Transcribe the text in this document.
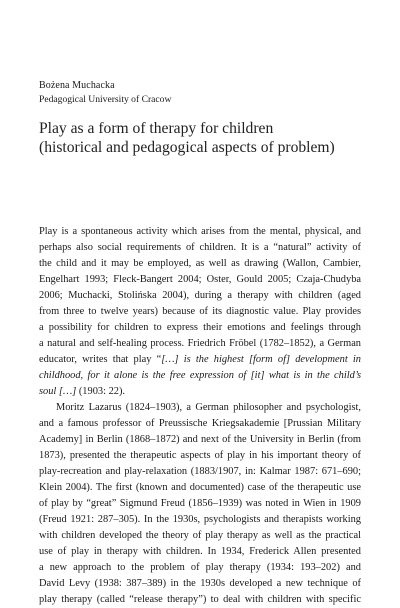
Bożena Muchacka
Pedagogical University of Cracow
Play as a form of therapy for children
(historical and pedagogical aspects of problem)
Play is a spontaneous activity which arises from the mental, physical, and
perhaps also social requirements of children. It is a “natural” activity of
the child and it may be employed, as well as drawing (Wallon, Cambier,
Engelhart 1993; Fleck-Bangert 2004; Oster, Gould 2005; Czaja-Chudyba
2006; Muchacki, Stolińska 2004), during a therapy with children (aged
from three to twelve years) because of its diagnostic value. Play provides
a possibility for children to express their emotions and feelings through
a natural and self-healing process. Friedrich Fröbel (1782–1852), a German
educator, writes that play “[…] is the highest [form of] development in
childhood, for it alone is the free expression of [it] what is in the child’s
soul […] (1903: 22).
Moritz Lazarus (1824–1903), a German philosopher and psychologist,
and a famous professor of Preussische Kriegsakademie [Prussian Military
Academy] in Berlin (1868–1872) and next of the University in Berlin (from
1873), presented the therapeutic aspects of play in his important theory of
play-recreation and play-relaxation (1883/1907, in: Kalmar 1987: 671–690;
Klein 2004). The first (known and documented) case of the therapeutic use
of play by “great” Sigmund Freud (1856–1939) was noted in Wien in 1909
(Freud 1921: 287–305). In the 1930s, psychologists and therapists working
with children developed the theory of play therapy as well as the practical
use of play in therapy with children. In 1934, Frederick Allen presented
a new approach to the problem of play therapy (1934: 193–202) and
David Levy (1938: 387–389) in the 1930s developed a new technique of
play therapy (called “release therapy”) to deal with children with specific
